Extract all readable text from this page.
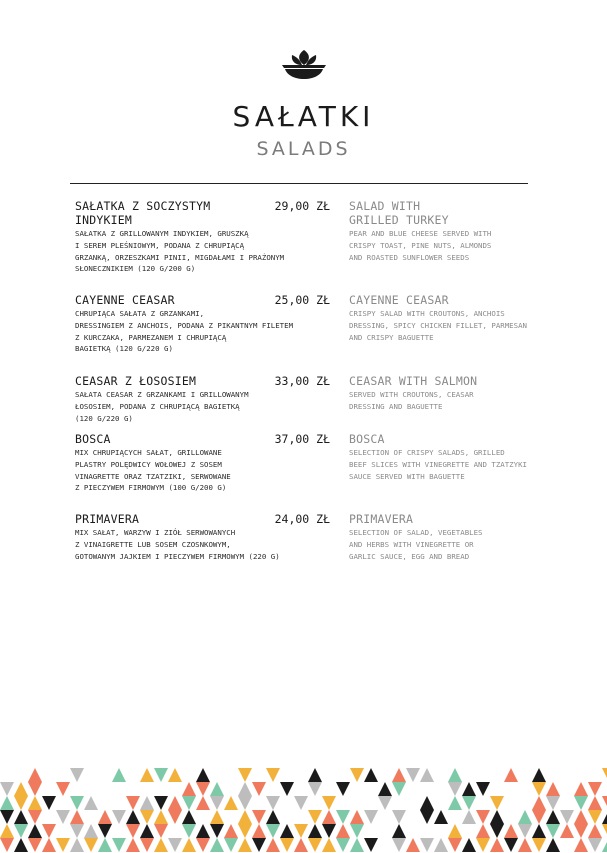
SAŁATKI
SALADS
SAŁATKA Z SOCZYSTYM INDYKIEM
29,00 ZŁ
SAŁATKA Z GRILLOWANYM INDYKIEM, GRUSZKĄ
I SEREM PLEŚNIOWYM, PODANA Z CHRUPIĄCĄ
GRZANKĄ, ORZESZKAMI PINII, MIGDAŁAMI I PRAŻONYM
SŁONECZNIKIEM (120 G/200 G)
SALAD WITH
GRILLED TURKEY
PEAR AND BLUE CHEESE SERVED WITH
CRISPY TOAST, PINE NUTS, ALMONDS
AND ROASTED SUNFLOWER SEEDS
CAYENNE CEASAR	25,00 ZŁ
CHRUPIĄCA SAŁATA Z GRZANKAMI,
DRESSINGIEM Z ANCHOIS, PODANA Z PIKANTNYM FILETEM
Z KURCZAKA, PARMEZANEM I CHRUPIĄCĄ
BAGIETKĄ (120 G/220 G)
CAYENNE CEASAR
CRISPY SALAD WITH CROUTONS, ANCHOIS
DRESSING, SPICY CHICKEN FILLET, PARMESAN
AND CRISPY BAGUETTE
CEASAR Z ŁOSOSIEM	33,00 ZŁ
SAŁATA CEASAR Z GRZANKAMI I GRILLOWANYM
ŁOSOSIEM, PODANA Z CHRUPIĄCĄ BAGIETKĄ
(120 G/220 G)
CEASAR WITH SALMON
SERVED WITH CROUTONS, CEASAR
DRESSING AND BAGUETTE
BOSCA	37,00 ZŁ
MIX CHRUPIĄCYCH SAŁAT, GRILLOWANE
PLASTRY POLĘDWICY WOŁOWEJ Z SOSEM
VINAGRETTE ORAZ TZATZIKI, SERWOWANE
Z PIECZYWEM FIRMOWYM (100 G/200 G)
BOSCA
SELECTION OF CRISPY SALADS, GRILLED
BEEF SLICES WITH VINEGRETTE AND TZATZYKI
SAUCE SERVED WITH BAGUETTE
PRIMAVERA	24,00 ZŁ
MIX SAŁAT, WARZYW I ZIÓŁ SERWOWANYCH
Z VINAIGRETTE LUB SOSEM CZOSNKOWYM,
GOTOWANYM JAJKIEM I PIECZYWEM FIRMOWYM (220 G)
PRIMAVERA
SELECTION OF SALAD, VEGETABLES
AND HERBS WITH VINEGRETTE OR
GARLIC SAUCE, EGG AND BREAD
